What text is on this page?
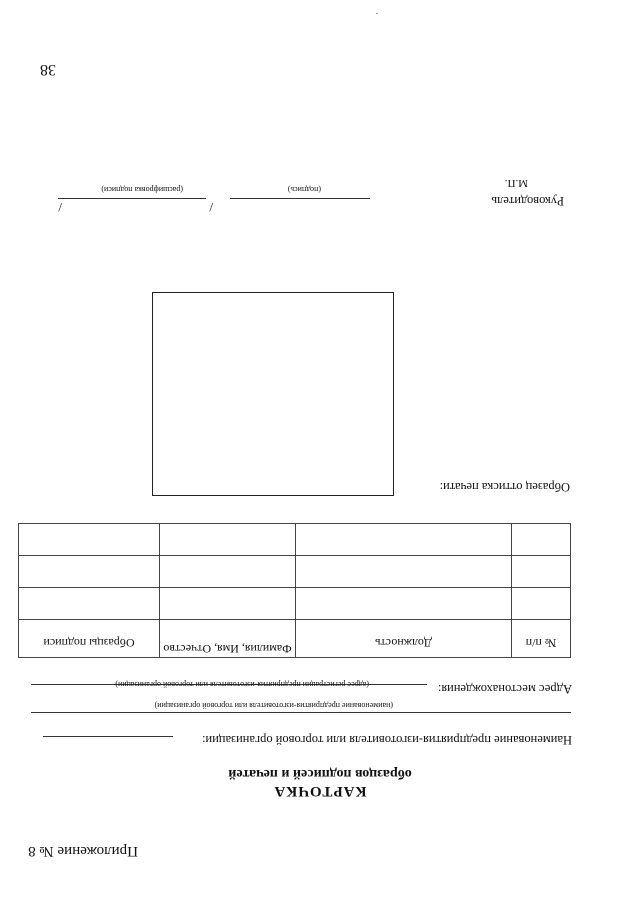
Приложение № 8
КАРТОЧКА
образцов подписей и печатей
Наименование предприятия-изготовителя или торговой организации:
(наименование предприятия-изготовителя или торговой организации)
Адрес местонахождения:
(адрес регистрации предприятия-изготовителя или торговой организации)
№ п/п	Должность	Фамилия, Имя, Отчество	Образцы подписи

Образец оттиска печати:
Руководитель
М.П.
(подпись)
/
/
(расшифровка подписи)
38
